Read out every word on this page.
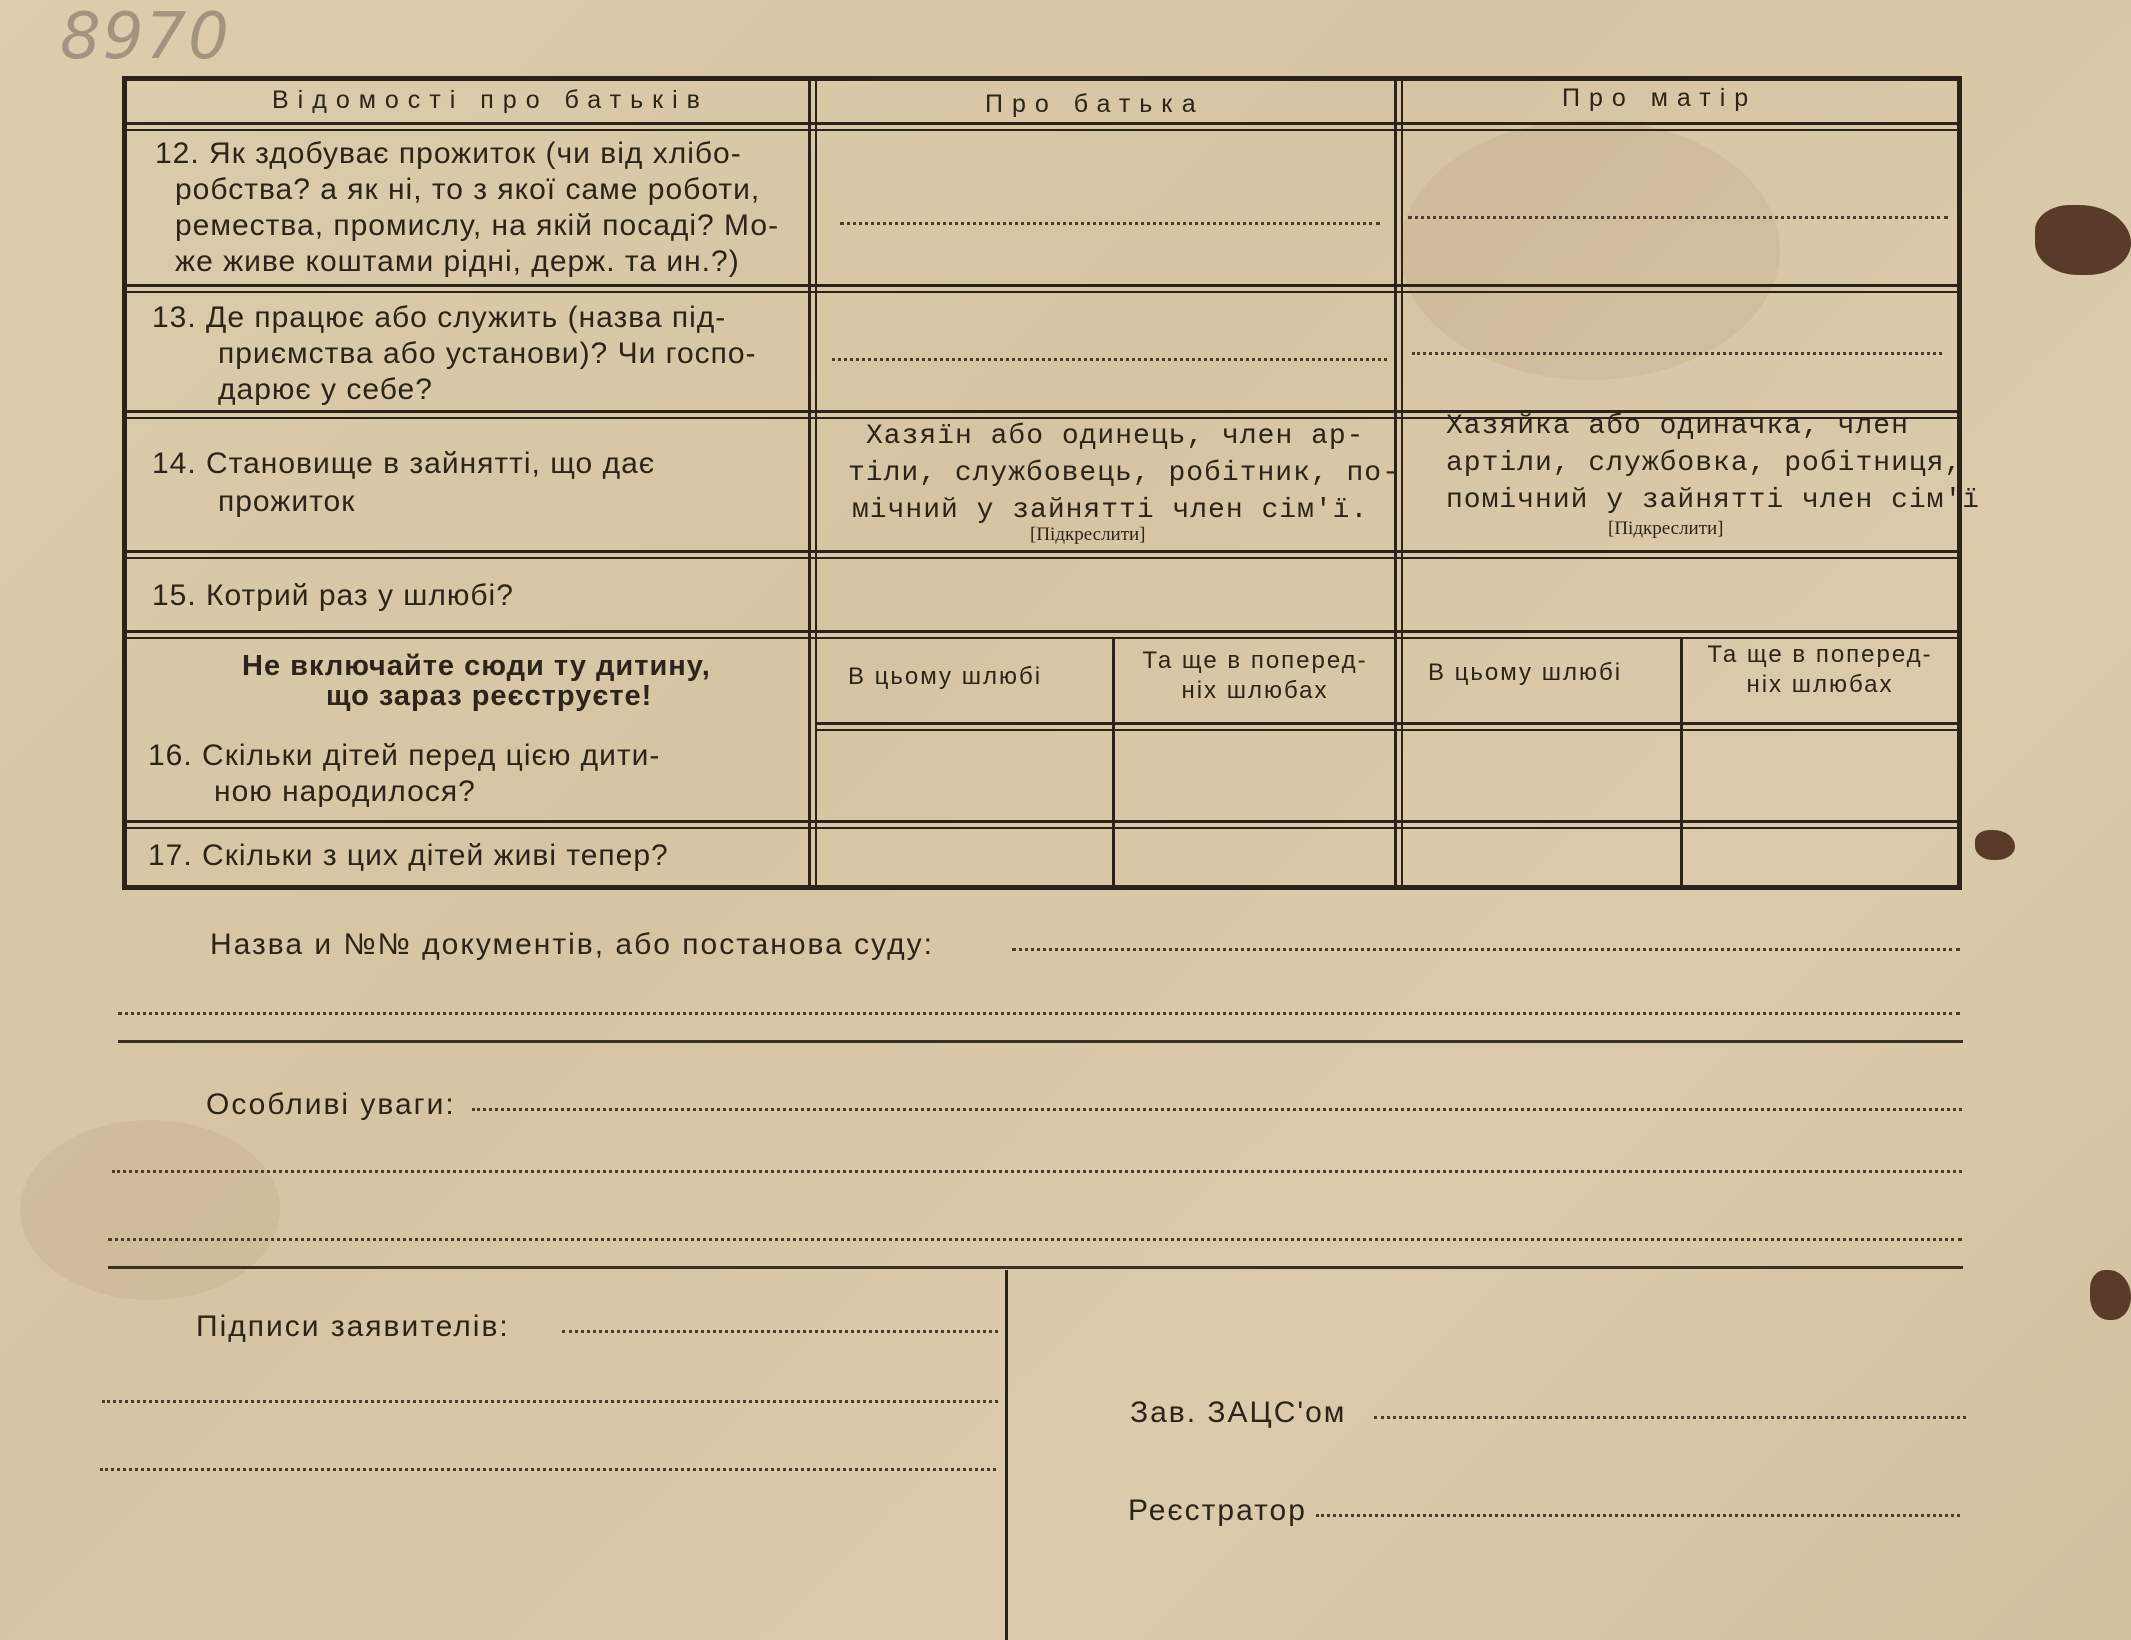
8970
Відомості про батьків	Про батька	Про матір
12. Як здобуває прожиток (чи від хлібо-
робства? а як ні, то з якої саме роботи,
ремества, промислу, на якій посаді? Мо-
же живе коштами рідні, держ. та ин.?)
13. Де працює або служить (назва під-
приємства або установи)? Чи госпо-
дарює у себе?
14. Становище в зайнятті, що дає
прожиток
Хазяїн або одинець, член ар-
тіли, службовець, робітник, по-
мічний у зайнятті член сім'ї.
[Підкреслити]
Хазяйка або одиначка, член
артіли, службовка, робітниця,
помічний у зайнятті член сім'ї
[Підкреслити]
15. Котрий раз у шлюбі?
Не включайте сюди ту дитину,
що зараз реєструєте!
16. Скільки дітей перед цією дити-
ною народилося?
В цьому шлюбі
Та ще в поперед-
ніх шлюбах
В цьому шлюбі
Та ще в поперед-
ніх шлюбах
17. Скільки з цих дітей живі тепер?
Назва и №№ документів, або постанова суду:
Особливі уваги:
Підписи заявителів:
Зав. ЗАЦС'ом
Реєстратор
